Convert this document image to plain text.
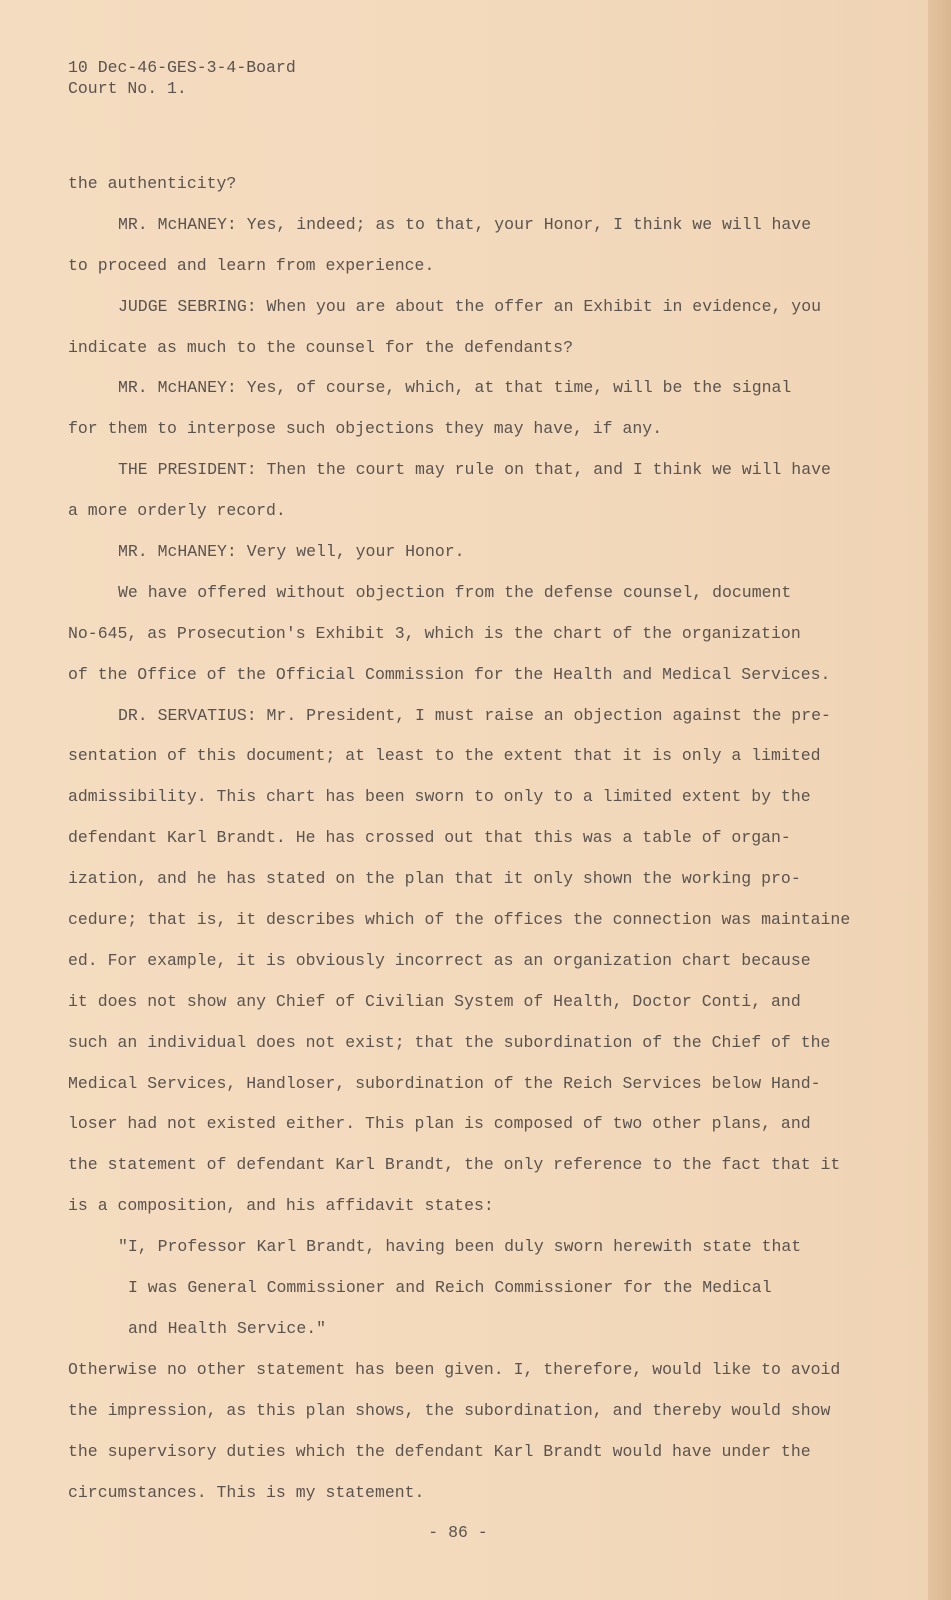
10 Dec-46-GES-3-4-Board
Court No. 1.
the authenticity?
MR. McHANEY: Yes, indeed; as to that, your Honor, I think we will have
to proceed and learn from experience.
JUDGE SEBRING: When you are about the offer an Exhibit in evidence, you
indicate as much to the counsel for the defendants?
MR. McHANEY: Yes, of course, which, at that time, will be the signal
for them to interpose such objections they may have, if any.
THE PRESIDENT: Then the court may rule on that, and I think we will have
a more orderly record.
MR. McHANEY: Very well, your Honor.
We have offered without objection from the defense counsel, document
No-645, as Prosecution's Exhibit 3, which is the chart of the organization
of the Office of the Official Commission for the Health and Medical Services.
DR. SERVATIUS: Mr. President, I must raise an objection against the pre-
sentation of this document; at least to the extent that it is only a limited
admissibility. This chart has been sworn to only to a limited extent by the
defendant Karl Brandt. He has crossed out that this was a table of organ-
ization, and he has stated on the plan that it only shown the working pro-
cedure; that is, it describes which of the offices the connection was maintaine
ed. For example, it is obviously incorrect as an organization chart because
it does not show any Chief of Civilian System of Health, Doctor Conti, and
such an individual does not exist; that the subordination of the Chief of the
Medical Services, Handloser, subordination of the Reich Services below Hand-
loser had not existed either. This plan is composed of two other plans, and
the statement of defendant Karl Brandt, the only reference to the fact that it
is a composition, and his affidavit states:
"I, Professor Karl Brandt, having been duly sworn herewith state that
I was General Commissioner and Reich Commissioner for the Medical
and Health Service."
Otherwise no other statement has been given. I, therefore, would like to avoid
the impression, as this plan shows, the subordination, and thereby would show
the supervisory duties which the defendant Karl Brandt would have under the
circumstances. This is my statement.
- 86 -
